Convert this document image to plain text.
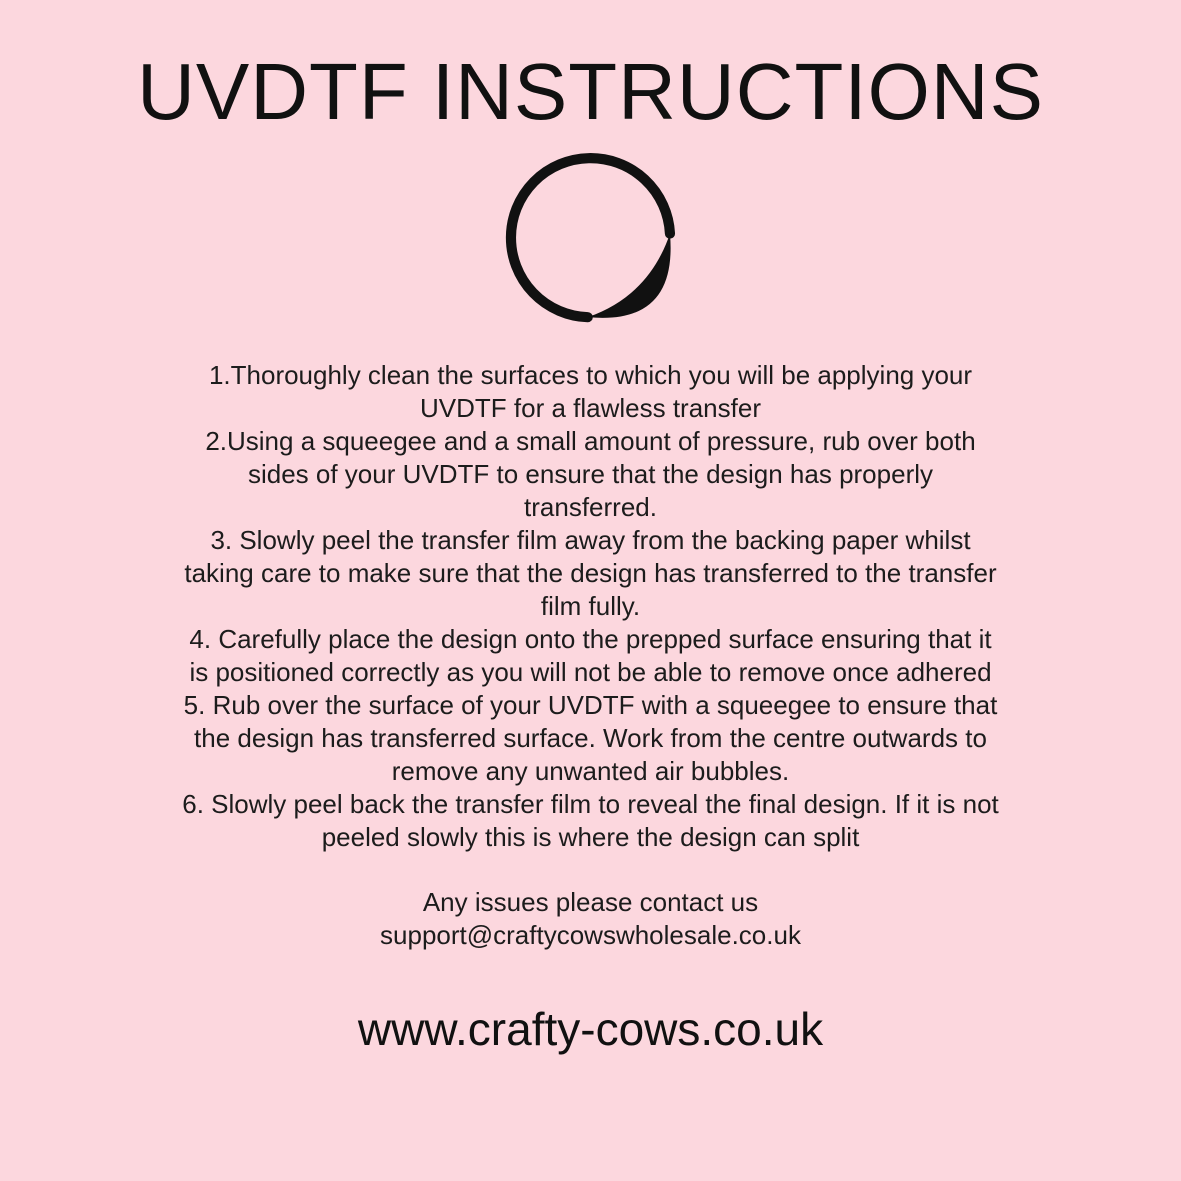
UVDTF INSTRUCTIONS

1.Thoroughly clean the surfaces to which you will be applying your UVDTF for a flawless transfer

2.Using a squeegee and a small amount of pressure, rub over both sides of your UVDTF to ensure that the design has properly transferred.

3. Slowly peel the transfer film away from the backing paper whilst taking care to make sure that the design has transferred to the transfer film fully.

4. Carefully place the design onto the prepped surface ensuring that it is positioned correctly as you will not be able to remove once adhered

5. Rub over the surface of your UVDTF with a squeegee to ensure that the design has transferred surface. Work from the centre outwards to remove any unwanted air bubbles.

6. Slowly peel back the transfer film to reveal the final design. If it is not peeled slowly this is where the design can split

Any issues please contact us

support@craftycowswholesale.co.uk

www.crafty-cows.co.uk
